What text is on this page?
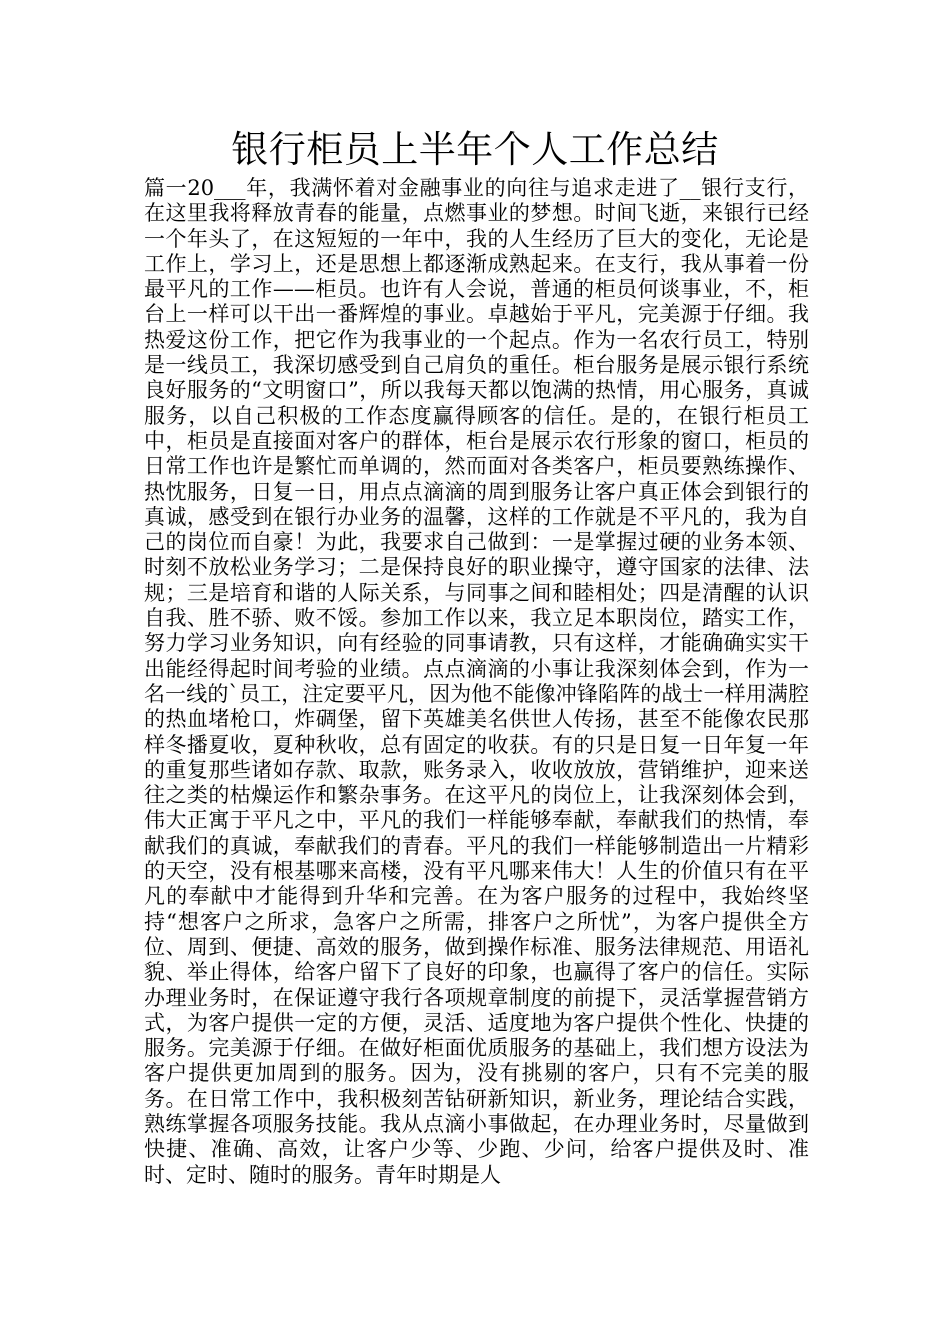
银行柜员上半年个人工作总结

篇一20___年，我满怀着对金融事业的向往与追求走进了__银行支行，在这里我将释放青春的能量，点燃事业的梦想。时间飞逝，来银行已经一个年头了，在这短短的一年中，我的人生经历了巨大的变化，无论是工作上，学习上，还是思想上都逐渐成熟起来。在支行，我从事着一份最平凡的工作——柜员。也许有人会说，普通的柜员何谈事业，不，柜台上一样可以干出一番辉煌的事业。卓越始于平凡，完美源于仔细。我热爱这份工作，把它作为我事业的一个起点。作为一名农行员工，特别是一线员工，我深切感受到自己肩负的重任。柜台服务是展示银行系统良好服务的“文明窗口”，所以我每天都以饱满的热情，用心服务，真诚服务，以自己积极的工作态度赢得顾客的信任。是的，在银行柜员工中，柜员是直接面对客户的群体，柜台是展示农行形象的窗口，柜员的日常工作也许是繁忙而单调的，然而面对各类客户，柜员要熟练操作、热忱服务，日复一日，用点点滴滴的周到服务让客户真正体会到银行的真诚，感受到在银行办业务的温馨，这样的工作就是不平凡的，我为自己的岗位而自豪！为此，我要求自己做到：一是掌握过硬的业务本领、时刻不放松业务学习；二是保持良好的职业操守，遵守国家的法律、法规；三是培育和谐的人际关系，与同事之间和睦相处；四是清醒的认识自我、胜不骄、败不馁。参加工作以来，我立足本职岗位，踏实工作，努力学习业务知识，向有经验的同事请教，只有这样，才能确确实实干出能经得起时间考验的业绩。点点滴滴的小事让我深刻体会到，作为一名一线的`员工，注定要平凡，因为他不能像冲锋陷阵的战士一样用满腔的热血堵枪口，炸碉堡，留下英雄美名供世人传扬，甚至不能像农民那样冬播夏收，夏种秋收，总有固定的收获。有的只是日复一日年复一年的重复那些诸如存款、取款，账务录入，收收放放，营销维护，迎来送往之类的枯燥运作和繁杂事务。在这平凡的岗位上，让我深刻体会到，伟大正寓于平凡之中，平凡的我们一样能够奉献，奉献我们的热情，奉献我们的真诚，奉献我们的青春。平凡的我们一样能够制造出一片精彩的天空，没有根基哪来高楼，没有平凡哪来伟大！人生的价值只有在平凡的奉献中才能得到升华和完善。在为客户服务的过程中，我始终坚持“想客户之所求，急客户之所需，排客户之所忧”，为客户提供全方位、周到、便捷、高效的服务，做到操作标准、服务法律规范、用语礼貌、举止得体，给客户留下了良好的印象，也赢得了客户的信任。实际办理业务时，在保证遵守我行各项规章制度的前提下，灵活掌握营销方式，为客户提供一定的方便，灵活、适度地为客户提供个性化、快捷的服务。完美源于仔细。在做好柜面优质服务的基础上，我们想方设法为客户提供更加周到的服务。因为，没有挑剔的客户，只有不完美的服务。在日常工作中，我积极刻苦钻研新知识，新业务，理论结合实践，熟练掌握各项服务技能。我从点滴小事做起，在办理业务时，尽量做到快捷、准确、高效，让客户少等、少跑、少问，给客户提供及时、准时、定时、随时的服务。青年时期是人
